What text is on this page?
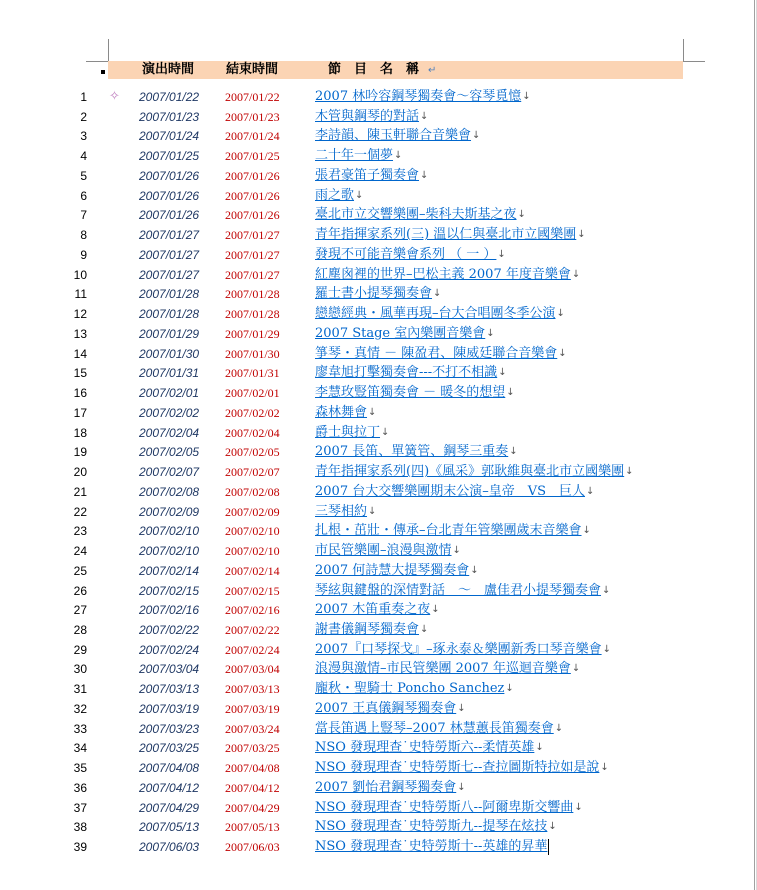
演出時間 結束時間	節　目　名　稱 ↵
✧
1	2007/01/22 2007/01/22	2007 林吟容鋼琴獨奏會～容琴覓憶 ↓
2	2007/01/23 2007/01/23	木管與鋼琴的對話 ↓
3	2007/01/24 2007/01/24	李詩韻、陳玉軒聯合音樂會 ↓
4	2007/01/25 2007/01/25	二十年一個夢 ↓
5	2007/01/26 2007/01/26	張君豪笛子獨奏會 ↓
6	2007/01/26 2007/01/26	雨之歌 ↓
7	2007/01/26 2007/01/26	臺北市立交響樂團–柴科夫斯基之夜 ↓
8	2007/01/27 2007/01/27	青年指揮家系列(三) 溫以仁與臺北市立國樂團 ↓
9	2007/01/27 2007/01/27	發現不可能音樂會系列 （ 一 ） ↓
10	2007/01/27 2007/01/27	紅塵囪裡的世界–巴松主義 2007 年度音樂會 ↓
11	2007/01/28 2007/01/28	羅士書小提琴獨奏會 ↓
12	2007/01/28 2007/01/28	戀戀經典・風華再現–台大合唱團冬季公演 ↓
13	2007/01/29 2007/01/29	2007 Stage 室內樂團音樂會 ↓
14	2007/01/30 2007/01/30	箏琴・真情 － 陳盈君、陳威廷聯合音樂會 ↓
15	2007/01/31 2007/01/31	廖韋旭打擊獨奏會---不打不相識 ↓
16	2007/02/01 2007/02/01	李慧玫豎笛獨奏會 － 暖冬的想望 ↓
17	2007/02/02 2007/02/02	森林舞會 ↓
18	2007/02/04 2007/02/04	爵士與拉丁 ↓
19	2007/02/05 2007/02/05	2007 長笛、單簧管、鋼琴三重奏 ↓
20	2007/02/07 2007/02/07	青年指揮家系列(四)《風采》郭耿維與臺北市立國樂團 ↓
21	2007/02/08 2007/02/08	2007 台大交響樂團期末公演–皇帝　VS　巨人 ↓
22	2007/02/09 2007/02/09	三琴相約 ↓
23	2007/02/10 2007/02/10	扎根・茁壯・傳承–台北青年管樂團歲末音樂會 ↓
24	2007/02/10 2007/02/10	市民管樂團–浪漫與激情 ↓
25	2007/02/14 2007/02/14	2007 何詩慧大提琴獨奏會 ↓
26	2007/02/15 2007/02/15	琴絃與鍵盤的深情對話　～　盧佳君小提琴獨奏會 ↓
27	2007/02/16 2007/02/16	2007 木笛重奏之夜 ↓
28	2007/02/22 2007/02/22	謝書儀鋼琴獨奏會 ↓
29	2007/02/24 2007/02/24	2007『口琴探戈』–琢永泰＆樂團新秀口琴音樂會 ↓
30	2007/03/04 2007/03/04	浪漫與激情–市民管樂團 2007 年巡迴音樂會 ↓
31	2007/03/13 2007/03/13	龐秋・聖騎士 Poncho Sanchez ↓
32	2007/03/19 2007/03/19	2007 王真儀鋼琴獨奏會 ↓
33	2007/03/23 2007/03/24	當長笛遇上豎琴–2007 林慧蕙長笛獨奏會 ↓
34	2007/03/25 2007/03/25	NSO 發現理查˙史特勞斯六--柔情英雄 ↓
35	2007/04/08 2007/04/08	NSO 發現理查˙史特勞斯七--查拉圖斯特拉如是說 ↓
36	2007/04/12 2007/04/12	2007 劉怡君鋼琴獨奏會 ↓
37	2007/04/29 2007/04/29	NSO 發現理查˙史特勞斯八--阿爾卑斯交響曲 ↓
38	2007/05/13 2007/05/13	NSO 發現理查˙史特勞斯九--提琴在炫技 ↓
39	2007/06/03 2007/06/03	NSO 發現理查˙史特勞斯十--英雄的昇華
